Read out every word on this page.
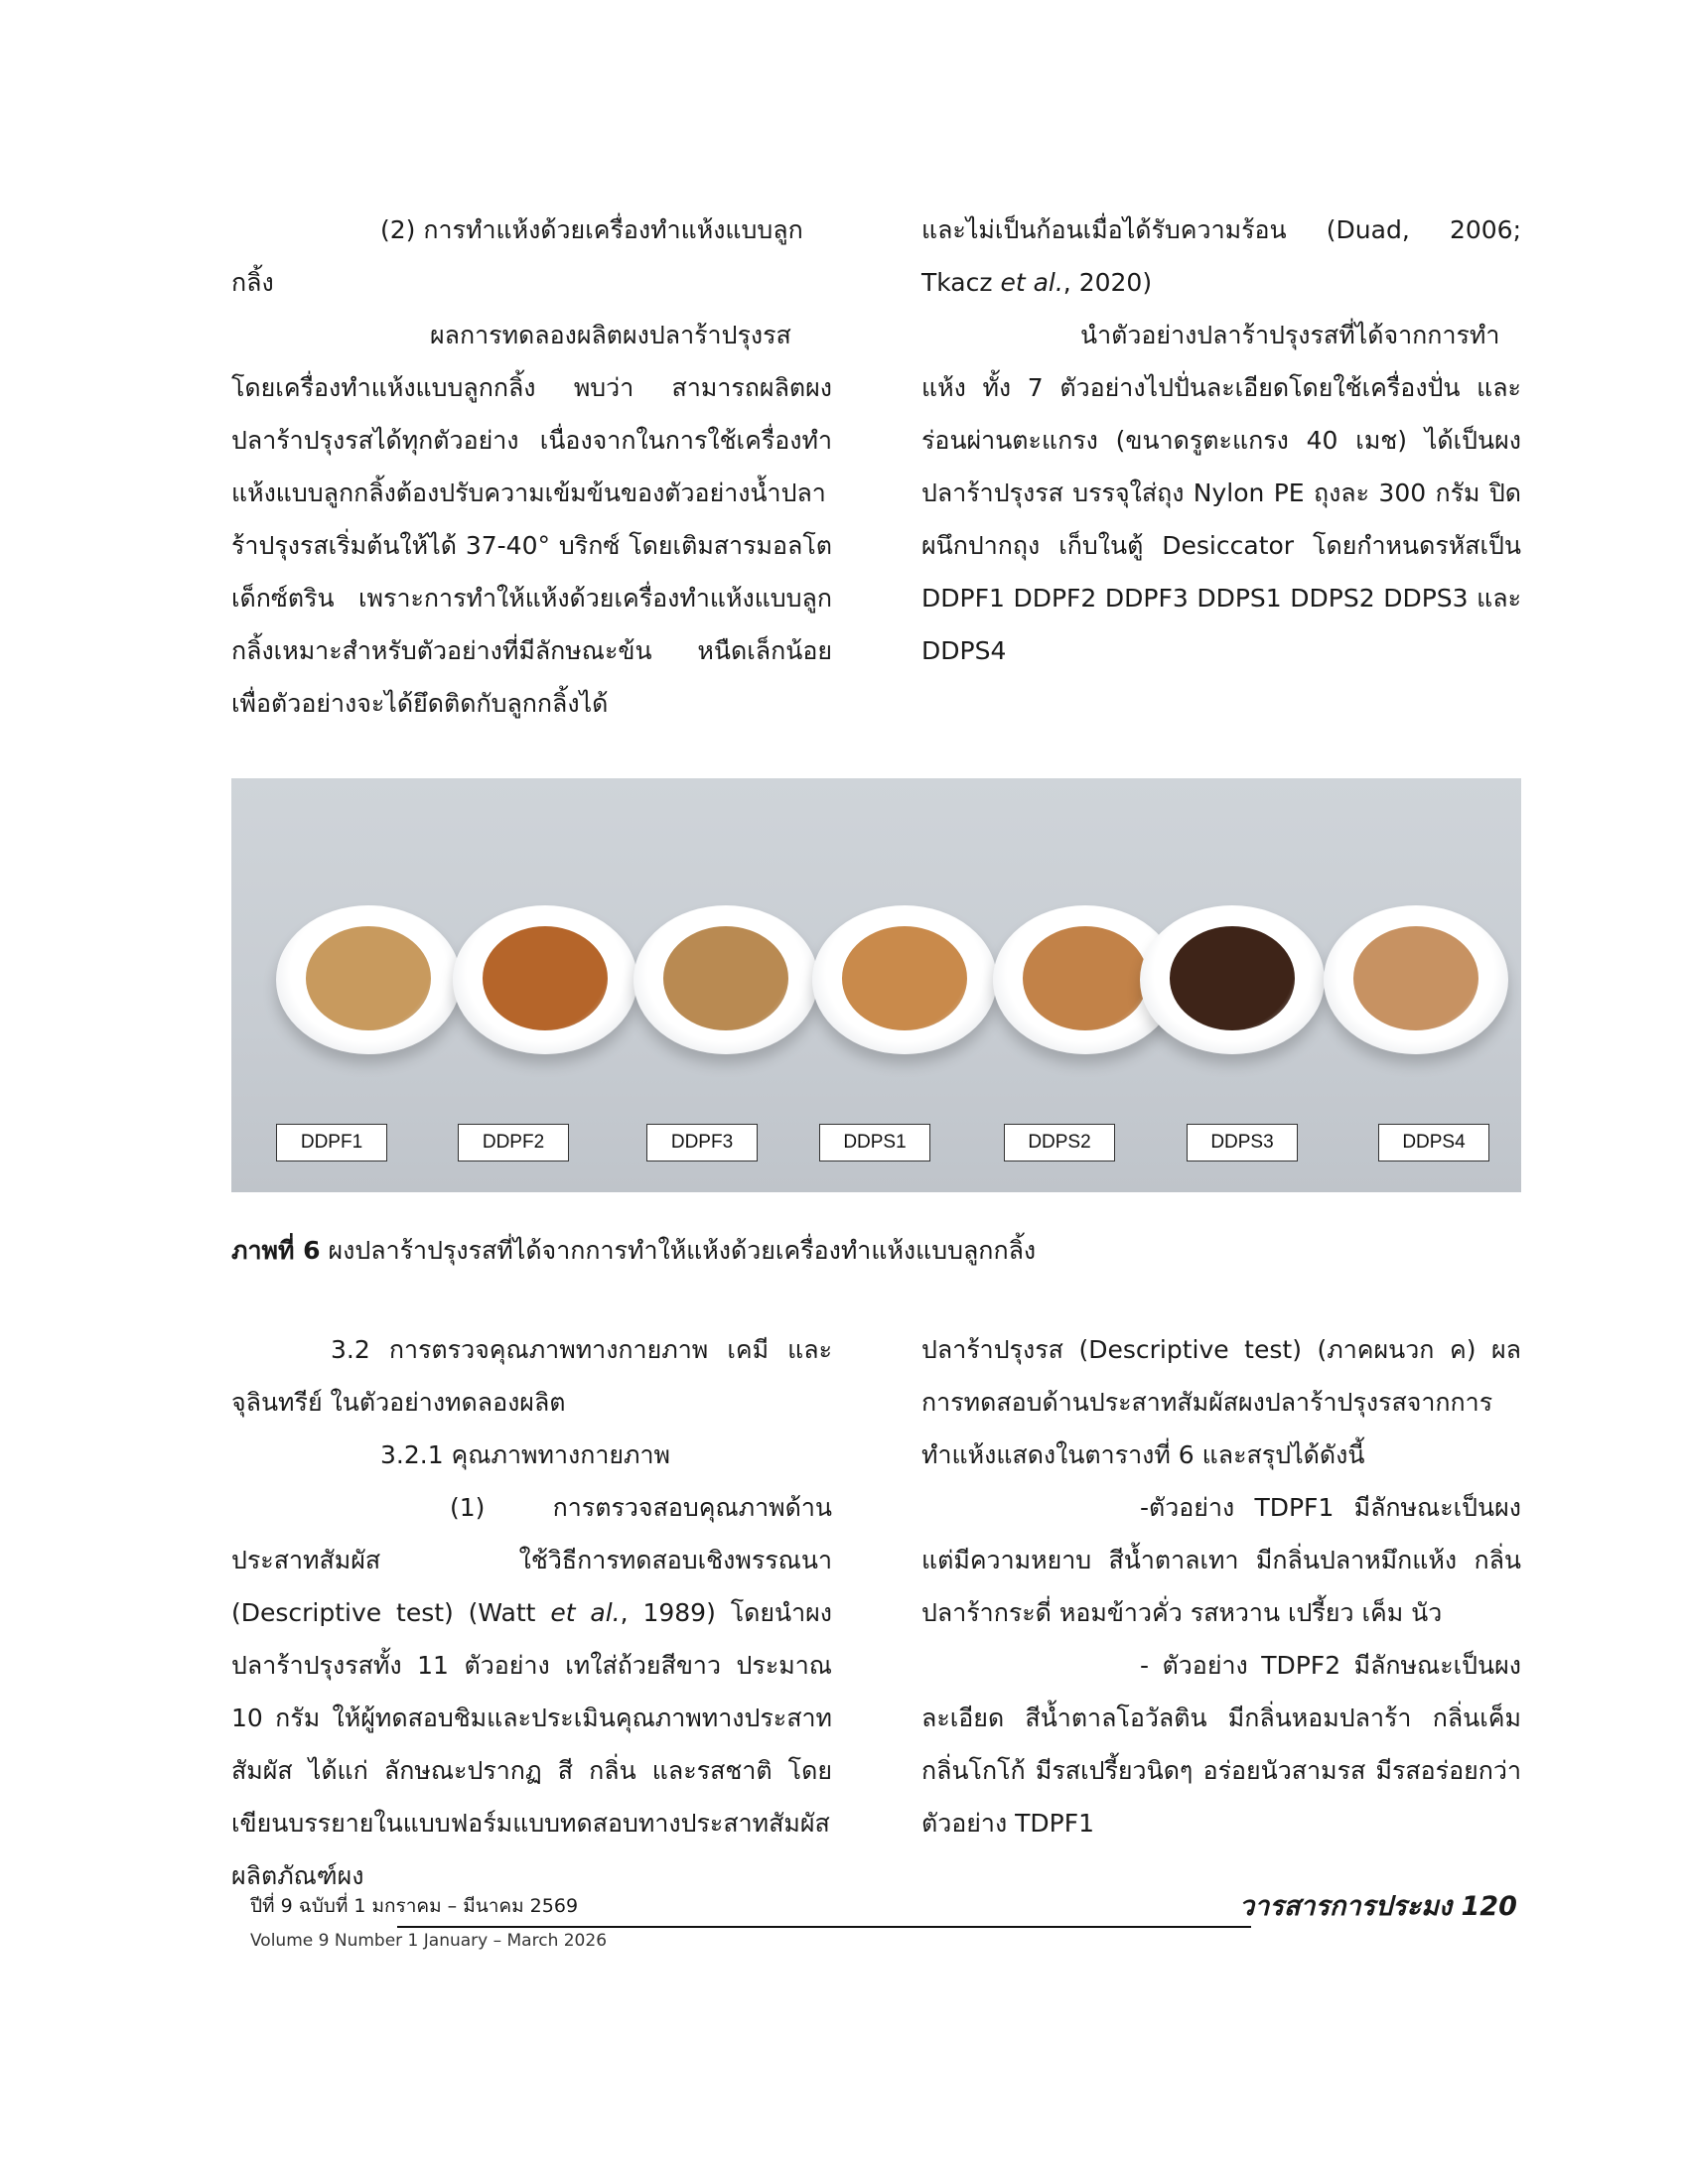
(2) การทำแห้งด้วยเครื่องทำแห้งแบบลูกกลิ้ง

ผลการทดลองผลิตผงปลาร้าปรุงรส โดยเครื่องทำแห้งแบบลูกกลิ้ง พบว่า สามารถผลิตผงปลาร้าปรุงรสได้ทุกตัวอย่าง เนื่องจากในการใช้เครื่องทำแห้งแบบลูกกลิ้งต้องปรับความเข้มข้นของตัวอย่างน้ำปลาร้าปรุงรสเริ่มต้นให้ได้ 37-40° บริกซ์ โดยเติมสารมอลโตเด็กซ์ตริน เพราะการทำให้แห้งด้วยเครื่องทำแห้งแบบลูกกลิ้งเหมาะสำหรับตัวอย่างที่มีลักษณะข้น หนืดเล็กน้อย เพื่อตัวอย่างจะได้ยึดติดกับลูกกลิ้งได้

และไม่เป็นก้อนเมื่อได้รับความร้อน (Duad, 2006; Tkacz et al., 2020)

นำตัวอย่างปลาร้าปรุงรสที่ได้จากการทำแห้ง ทั้ง 7 ตัวอย่างไปปั่นละเอียดโดยใช้เครื่องปั่น และร่อนผ่านตะแกรง (ขนาดรูตะแกรง 40 เมช) ได้เป็นผงปลาร้าปรุงรส บรรจุใส่ถุง Nylon PE ถุงละ 300 กรัม ปิดผนึกปากถุง เก็บในตู้ Desiccator โดยกำหนดรหัสเป็น DDPF1 DDPF2 DDPF3 DDPS1 DDPS2 DDPS3 และ DDPS4

DDPF1	DDPF2	DDPF3	DDPS1	DDPS2	DDPS3	DDPS4
ภาพที่ 6 ผงปลาร้าปรุงรสที่ได้จากการทำให้แห้งด้วยเครื่องทำแห้งแบบลูกกลิ้ง

3.2 การตรวจคุณภาพทางกายภาพ เคมี และจุลินทรีย์ ในตัวอย่างทดลองผลิต

3.2.1 คุณภาพทางกายภาพ

(1) การตรวจสอบคุณภาพด้านประสาทสัมผัส ใช้วิธีการทดสอบเชิงพรรณนา (Descriptive test) (Watt et al., 1989) โดยนำผงปลาร้าปรุงรสทั้ง 11 ตัวอย่าง เทใส่ถ้วยสีขาว ประมาณ 10 กรัม ให้ผู้ทดสอบชิมและประเมินคุณภาพทางประสาทสัมผัส ได้แก่ ลักษณะปรากฏ สี กลิ่น และรสชาติ โดยเขียนบรรยายในแบบฟอร์มแบบทดสอบทางประสาทสัมผัสผลิตภัณฑ์ผง

ปลาร้าปรุงรส (Descriptive test) (ภาคผนวก ค) ผลการทดสอบด้านประสาทสัมผัสผงปลาร้าปรุงรสจากการทำแห้งแสดงในตารางที่ 6 และสรุปได้ดังนี้

-ตัวอย่าง TDPF1 มีลักษณะเป็นผงแต่มีความหยาบ สีน้ำตาลเทา มีกลิ่นปลาหมึกแห้ง กลิ่นปลาร้ากระดี่ หอมข้าวคั่ว รสหวาน เปรี้ยว เค็ม นัว

- ตัวอย่าง TDPF2 มีลักษณะเป็นผงละเอียด สีน้ำตาลโอวัลติน มีกลิ่นหอมปลาร้า กลิ่นเค็ม กลิ่นโกโก้ มีรสเปรี้ยวนิดๆ อร่อยนัวสามรส มีรสอร่อยกว่าตัวอย่าง TDPF1

ปีที่ 9 ฉบับที่ 1 มกราคม – มีนาคม 2569
Volume 9 Number 1 January – March 2026
วารสารการประมง 120
